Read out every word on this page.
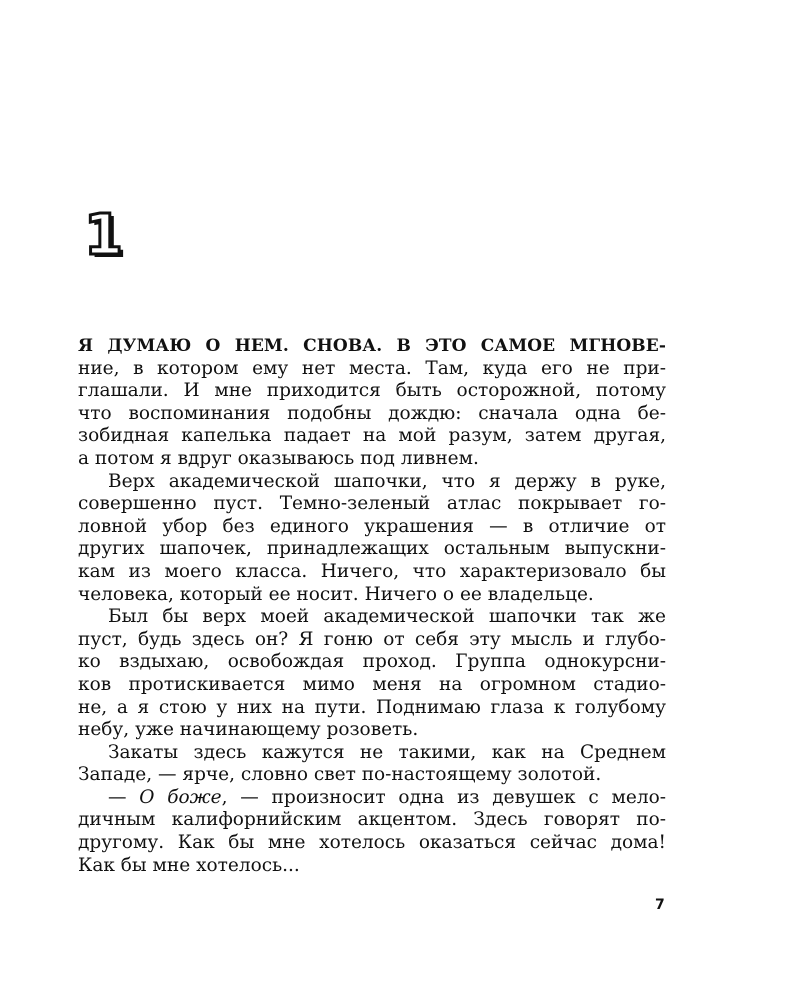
1
Я ДУМАЮ О НЕМ. СНОВА. В ЭТО САМОЕ МГНОВЕ-
ние, в котором ему нет места. Там, куда его не при-
глашали. И мне приходится быть осторожной, потому
что воспоминания подобны дождю: сначала одна бе-
зобидная капелька падает на мой разум, затем другая,
а потом я вдруг оказываюсь под ливнем.
Верх академической шапочки, что я держу в руке,
совершенно пуст. Темно-зеленый атлас покрывает го-
ловной убор без единого украшения — в отличие от
других шапочек, принадлежащих остальным выпускни-
кам из моего класса. Ничего, что характеризовало бы
человека, который ее носит. Ничего о ее владельце.
Был бы верх моей академической шапочки так же
пуст, будь здесь он? Я гоню от себя эту мысль и глубо-
ко вздыхаю, освобождая проход. Группа однокурсни-
ков протискивается мимо меня на огромном стадио-
не, а я стою у них на пути. Поднимаю глаза к голубому
небу, уже начинающему розоветь.
Закаты здесь кажутся не такими, как на Среднем
Западе, — ярче, словно свет по-настоящему золотой.
— О боже, — произносит одна из девушек с мело-
дичным калифорнийским акцентом. Здесь говорят по-
другому. Как бы мне хотелось оказаться сейчас дома!
Как бы мне хотелось...
7
